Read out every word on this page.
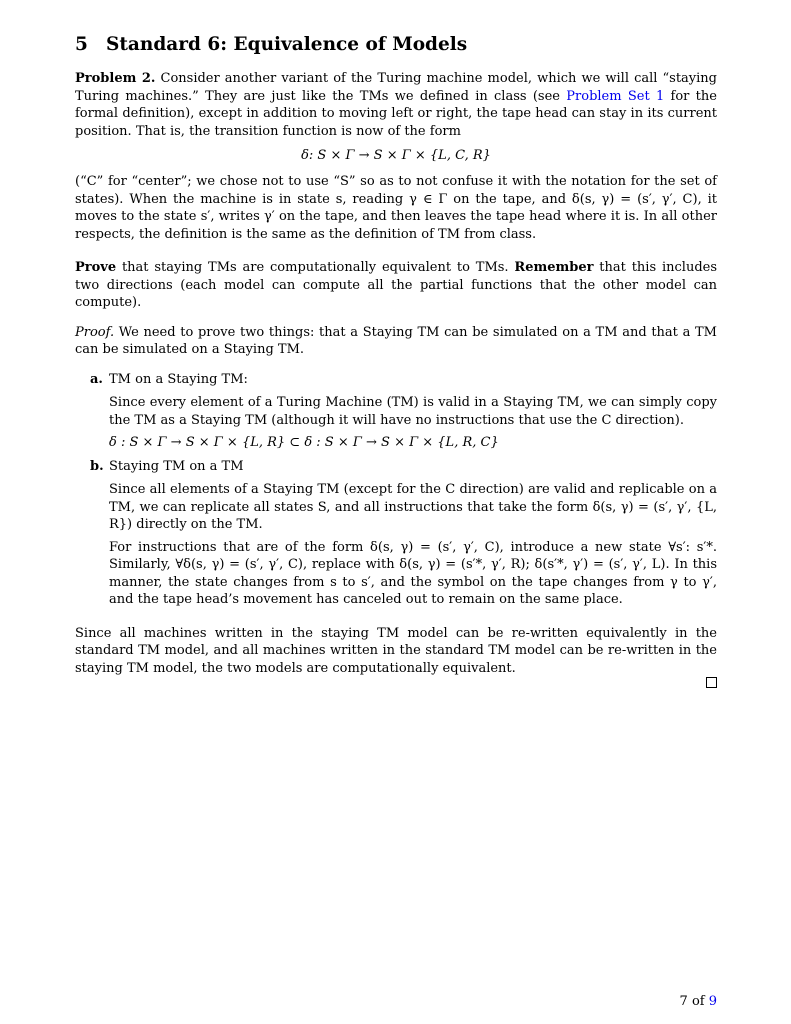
5 Standard 6: Equivalence of Models

Problem 2. Consider another variant of the Turing machine model, which we will call “staying Turing machines.” They are just like the TMs we defined in class (see Problem Set 1 for the formal definition), except in addition to moving left or right, the tape head can stay in its current position. That is, the transition function is now of the form

δ: S × Γ → S × Γ × {L, C, R}

(“C” for “center”; we chose not to use “S” so as to not confuse it with the notation for the set of states). When the machine is in state s, reading γ ∈ Γ on the tape, and δ(s, γ) = (s′, γ′, C), it moves to the state s′, writes γ′ on the tape, and then leaves the tape head where it is. In all other respects, the definition is the same as the definition of TM from class.

Prove that staying TMs are computationally equivalent to TMs. Remember that this includes two directions (each model can compute all the partial functions that the other model can compute).

Proof. We need to prove two things: that a Staying TM can be simulated on a TM and that a TM can be simulated on a Staying TM.

a. TM on a Staying TM:

Since every element of a Turing Machine (TM) is valid in a Staying TM, we can simply copy the TM as a Staying TM (although it will have no instructions that use the C direction).

δ : S × Γ → S × Γ × {L, R} ⊂ δ : S × Γ → S × Γ × {L, R, C}
b. Staying TM on a TM

Since all elements of a Staying TM (except for the C direction) are valid and replicable on a TM, we can replicate all states S, and all instructions that take the form δ(s, γ) = (s′, γ′, {L, R}) directly on the TM.

For instructions that are of the form δ(s, γ) = (s′, γ′, C), introduce a new state ∀s′: s′*. Similarly, ∀δ(s, γ) = (s′, γ′, C), replace with δ(s, γ) = (s′*, γ′, R); δ(s′*, γ′) = (s′, γ′, L). In this manner, the state changes from s to s′, and the symbol on the tape changes from γ to γ′, and the tape head’s movement has canceled out to remain on the same place.

Since all machines written in the staying TM model can be re-written equivalently in the standard TM model, and all machines written in the standard TM model can be re-written in the staying TM model, the two models are computationally equivalent.

7 of 9
